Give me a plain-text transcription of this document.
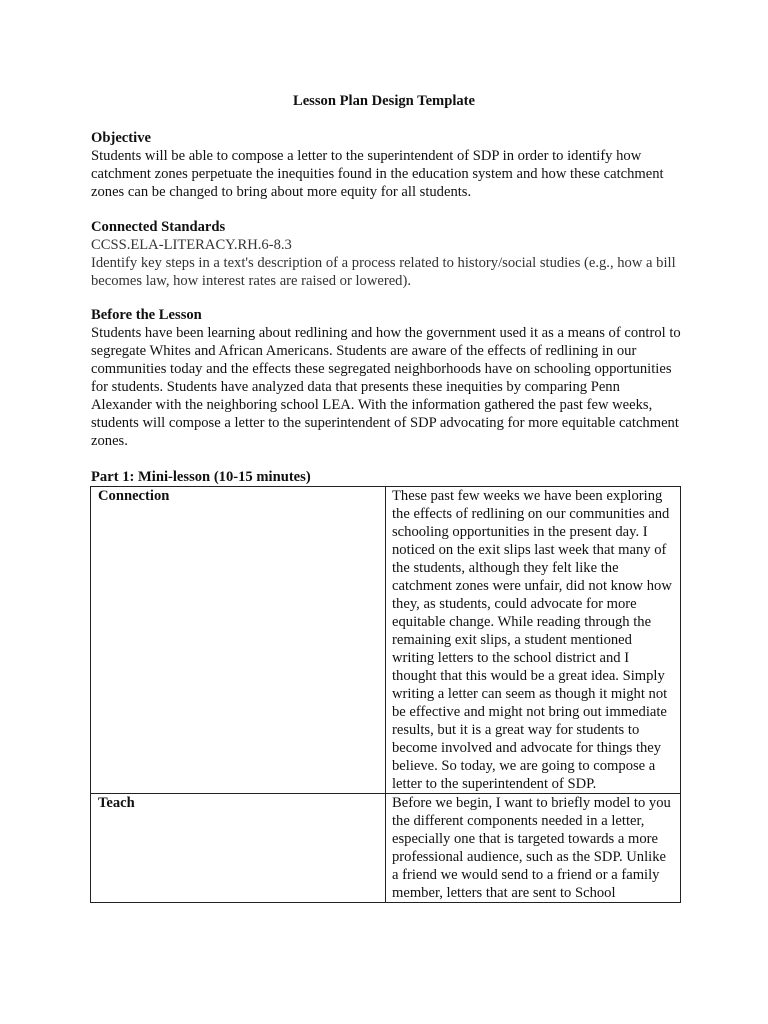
Lesson Plan Design Template
Objective
Students will be able to compose a letter to the superintendent of SDP in order to identify how catchment zones perpetuate the inequities found in the education system and how these catchment zones can be changed to bring about more equity for all students.
Connected Standards
CCSS.ELA-LITERACY.RH.6-8.3
Identify key steps in a text's description of a process related to history/social studies (e.g., how a bill becomes law, how interest rates are raised or lowered).
Before the Lesson
Students have been learning about redlining and how the government used it as a means of control to segregate Whites and African Americans. Students are aware of the effects of redlining in our communities today and the effects these segregated neighborhoods have on schooling opportunities for students. Students have analyzed data that presents these inequities by comparing Penn Alexander with the neighboring school LEA. With the information gathered the past few weeks, students will compose a letter to the superintendent of SDP advocating for more equitable catchment zones.
Part 1: Mini-lesson (10-15 minutes)
Connection	These past few weeks we have been exploring the effects of redlining on our communities and schooling opportunities in the present day. I noticed on the exit slips last week that many of the students, although they felt like the catchment zones were unfair, did not know how they, as students, could advocate for more equitable change. While reading through the remaining exit slips, a student mentioned writing letters to the school district and I thought that this would be a great idea. Simply writing a letter can seem as though it might not be effective and might not bring out immediate results, but it is a great way for students to become involved and advocate for things they believe. So today, we are going to compose a letter to the superintendent of SDP.
Teach	Before we begin, I want to briefly model to you the different components needed in a letter, especially one that is targeted towards a more professional audience, such as the SDP. Unlike a friend we would send to a friend or a family member, letters that are sent to School
